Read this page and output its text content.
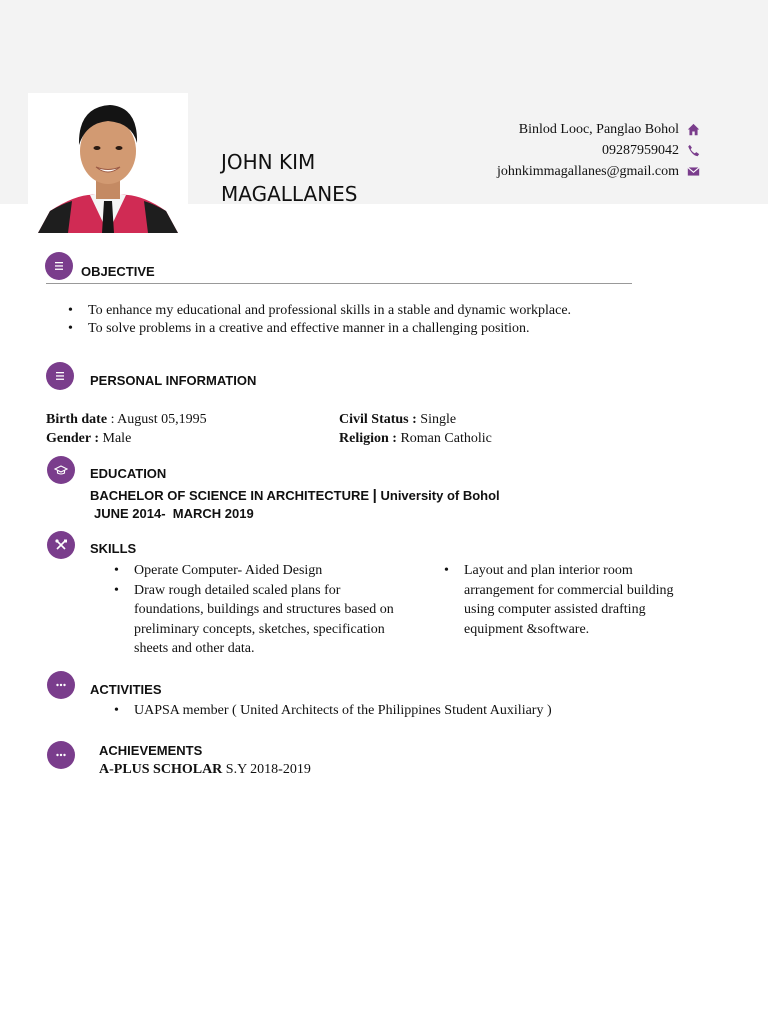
JOHN KIM
MAGALLANES
Binlod Looc, Panglao Bohol
09287959042
johnkimmagallanes@gmail.com
OBJECTIVE
• To enhance my educational and professional skills in a stable and dynamic workplace.
• To solve problems in a creative and effective manner in a challenging position.
PERSONAL INFORMATION
Birth date : August 05,1995
Gender : Male
Civil Status : Single
Religion : Roman Catholic
EDUCATION
BACHELOR OF SCIENCE IN ARCHITECTURE | University of Bohol
JUNE 2014-  MARCH 2019
SKILLS
• Operate Computer- Aided Design
• Draw rough detailed scaled plans for foundations, buildings and structures based on preliminary concepts, sketches, specification sheets and other data.
• Layout and plan interior room arrangement for commercial building using computer assisted drafting equipment &software.
ACTIVITIES
• UAPSA member ( United Architects of the Philippines Student Auxiliary )
ACHIEVEMENTS
A-PLUS SCHOLAR S.Y 2018-2019
